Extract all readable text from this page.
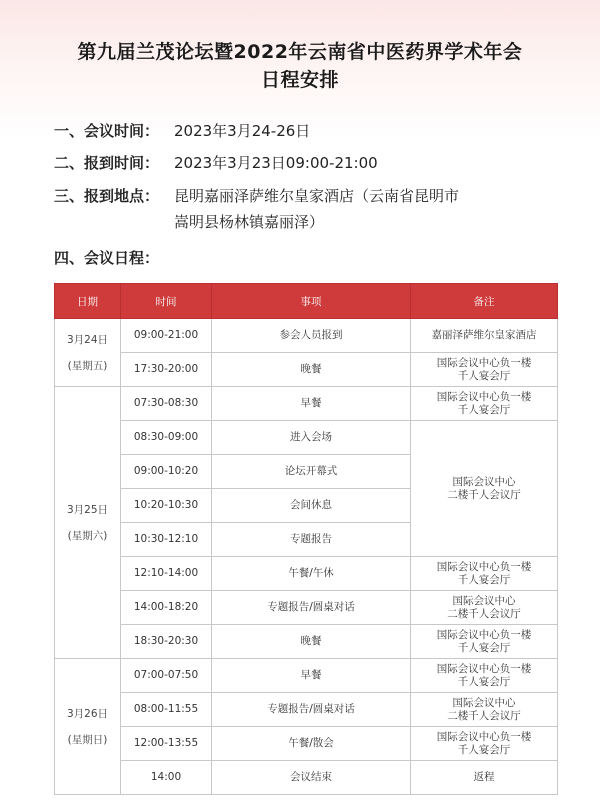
第九届兰茂论坛暨2022年云南省中医药界学术年会
日程安排
一、会议时间： 2023年3月24-26日
二、报到时间： 2023年3月23日09:00-21:00
三、报到地点： 昆明嘉丽泽萨维尔皇家酒店（云南省昆明市
嵩明县杨林镇嘉丽泽）
四、会议日程：
日期	时间	事项	备注
3月24日
(星期五)	09:00-21:00	参会人员报到	嘉丽泽萨维尔皇家酒店
	17:30-20:00	晚餐	国际会议中心负一楼
千人宴会厅
3月25日
(星期六)	07:30-08:30	早餐	国际会议中心负一楼
千人宴会厅
	08:30-09:00	进入会场	国际会议中心
二楼千人会议厅
	09:00-10:20	论坛开幕式	
	10:20-10:30	会间休息	
	10:30-12:10	专题报告	
	12:10-14:00	午餐/午休	国际会议中心负一楼
千人宴会厅
	14:00-18:20	专题报告/圆桌对话	国际会议中心
二楼千人会议厅
	18:30-20:30	晚餐	国际会议中心负一楼
千人宴会厅
3月26日
(星期日)	07:00-07:50	早餐	国际会议中心负一楼
千人宴会厅
	08:00-11:55	专题报告/圆桌对话	国际会议中心
二楼千人会议厅
	12:00-13:55	午餐/散会	国际会议中心负一楼
千人宴会厅
	14:00	会议结束	返程
